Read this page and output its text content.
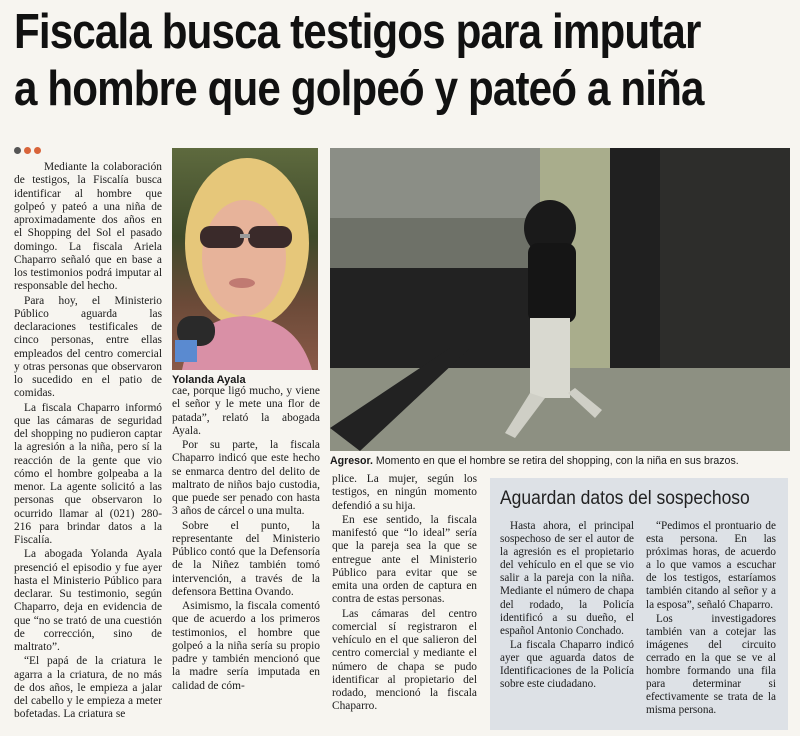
Fiscala busca testigos para imputar
a hombre que golpeó y pateó a niña

Mediante la colaboración de testigos, la Fiscalía busca identificar al hombre que golpeó y pateó a una niña de aproximadamente dos años en el Shopping del Sol el pasado domingo. La fiscala Ariela Chaparro señaló que en base a los testimonios podrá imputar al responsable del hecho.

Para hoy, el Ministerio Público aguarda las declaraciones testificales de cinco personas, entre ellas empleados del centro comercial y otras personas que observaron lo sucedido en el patio de comidas.

La fiscala Chaparro informó que las cámaras de seguridad del shopping no pudieron captar la agresión a la niña, pero sí la reacción de la gente que vio cómo el hombre golpeaba a la menor. La agente solicitó a las personas que observaron lo ocurrido llamar al (021) 280-216 para brindar datos a la Fiscalía.

La abogada Yolanda Ayala presenció el episodio y fue ayer hasta el Ministerio Público para declarar. Su testimonio, según Chaparro, deja en evidencia de que “no se trató de una cuestión de corrección, sino de maltrato”.

“El papá de la criatura le agarra a la criatura, de no más de dos años, le empieza a jalar del cabello y le empieza a meter bofetadas. La criatura se

Yolanda Ayala
Agresor. Momento en que el hombre se retira del shopping, con la niña en sus brazos.

cae, porque ligó mucho, y viene el señor y le mete una flor de patada”, relató la abogada Ayala.

Por su parte, la fiscala Chaparro indicó que este hecho se enmarca dentro del delito de maltrato de niños bajo custodia, que puede ser penado con hasta 3 años de cárcel o una multa.

Sobre el punto, la representante del Ministerio Público contó que la Defensoría de la Niñez también tomó intervención, a través de la defensora Bettina Ovando.

Asimismo, la fiscala comentó que de acuerdo a los primeros testimonios, el hombre que golpeó a la niña sería su propio padre y también mencionó que la madre sería imputada en calidad de cóm-

plice. La mujer, según los testigos, en ningún momento defendió a su hija.

En ese sentido, la fiscala manifestó que “lo ideal” sería que la pareja sea la que se entregue ante el Ministerio Público para evitar que se emita una orden de captura en contra de estas personas.

Las cámaras del centro comercial sí registraron el vehículo en el que salieron del centro comercial y mediante el número de chapa se pudo identificar al propietario del rodado, mencionó la fiscala Chaparro.

Aguardan datos del sospechoso

Hasta ahora, el principal sospechoso de ser el autor de la agresión es el propietario del vehículo en el que se vio salir a la pareja con la niña. Mediante el número de chapa del rodado, la Policía identificó a su dueño, el español Antonio Conchado.

La fiscala Chaparro indicó ayer que aguarda datos de Identificaciones de la Policía sobre este ciudadano.

“Pedimos el prontuario de esta persona. En las próximas horas, de acuerdo a lo que vamos a escuchar de los testigos, estaríamos también citando al señor y a la esposa”, señaló Chaparro.

Los investigadores también van a cotejar las imágenes del circuito cerrado en la que se ve al hombre formando una fila para determinar si efectivamente se trata de la misma persona.
